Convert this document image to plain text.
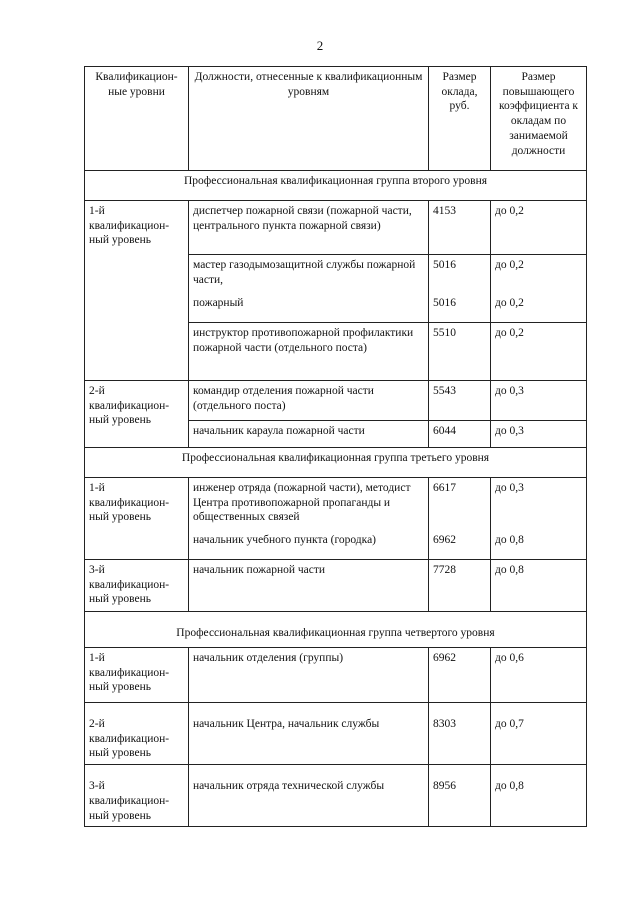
2
Квалификацион-ные уровни	Должности, отнесенные к квалификационным уровням	Размер оклада, руб.	Размер повышающего коэффициента к окладам по занимаемой должности
Профессиональная квалификационная группа второго уровня			
1-й квалификацион-ный уровень	диспетчер пожарной связи (пожарной части, центрального пункта пожарной связи)	4153	до 0,2
	мастер газодымозащитной службы пожарной части,	5016	до 0,2
	пожарный	5016	до 0,2
	инструктор противопожарной профилактики пожарной части (отдельного поста)	5510	до 0,2
2-й квалификацион-ный уровень	командир отделения пожарной части (отдельного поста)	5543	до 0,3
	начальник караула пожарной части	6044	до 0,3
Профессиональная квалификационная группа третьего уровня			
1-й квалификацион-ный уровень	инженер отряда (пожарной части), методист Центра противопожарной пропаганды и общественных связей	6617	до 0,3
	начальник учебного пункта (городка)	6962	до 0,8
3-й квалификацион-ный уровень	начальник пожарной части	7728	до 0,8
Профессиональная квалификационная группа четвертого уровня			
1-й квалификацион-ный уровень	начальник отделения (группы)	6962	до 0,6
2-й квалификацион-ный уровень	начальник Центра, начальник службы	8303	до 0,7
3-й квалификацион-ный уровень	начальник отряда технической службы	8956	до 0,8
